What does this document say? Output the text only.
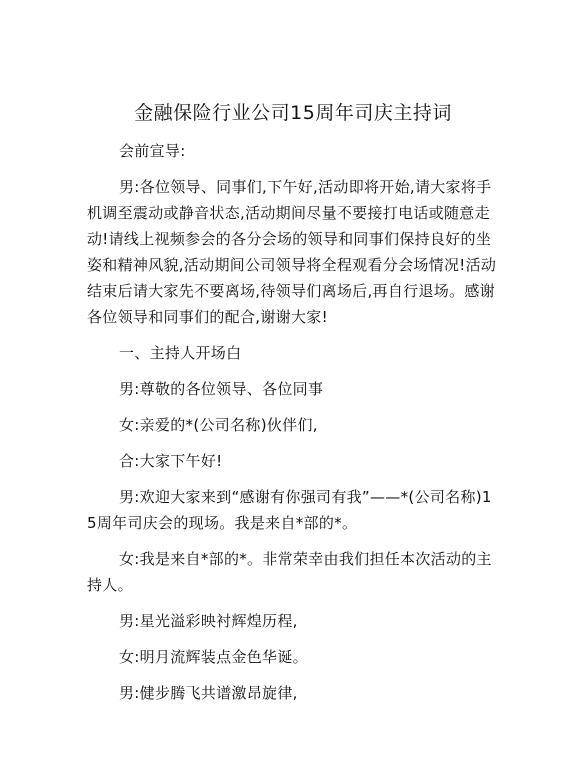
金融保险行业公司15周年司庆主持词

会前宣导:

男:各位领导、同事们,下午好,活动即将开始,请大家将手机调至震动或静音状态,活动期间尽量不要接打电话或随意走动!请线上视频参会的各分会场的领导和同事们保持良好的坐姿和精神风貌,活动期间公司领导将全程观看分会场情况!活动结束后请大家先不要离场,待领导们离场后,再自行退场。感谢各位领导和同事们的配合,谢谢大家!

一、主持人开场白

男:尊敬的各位领导、各位同事

女:亲爱的*(公司名称)伙伴们,

合:大家下午好!

男:欢迎大家来到“感谢有你强司有我”——*(公司名称)15周年司庆会的现场。我是来自*部的*。

女:我是来自*部的*。非常荣幸由我们担任本次活动的主持人。

男:星光溢彩映衬辉煌历程,

女:明月流辉装点金色华诞。

男:健步腾飞共谱激昂旋律,
